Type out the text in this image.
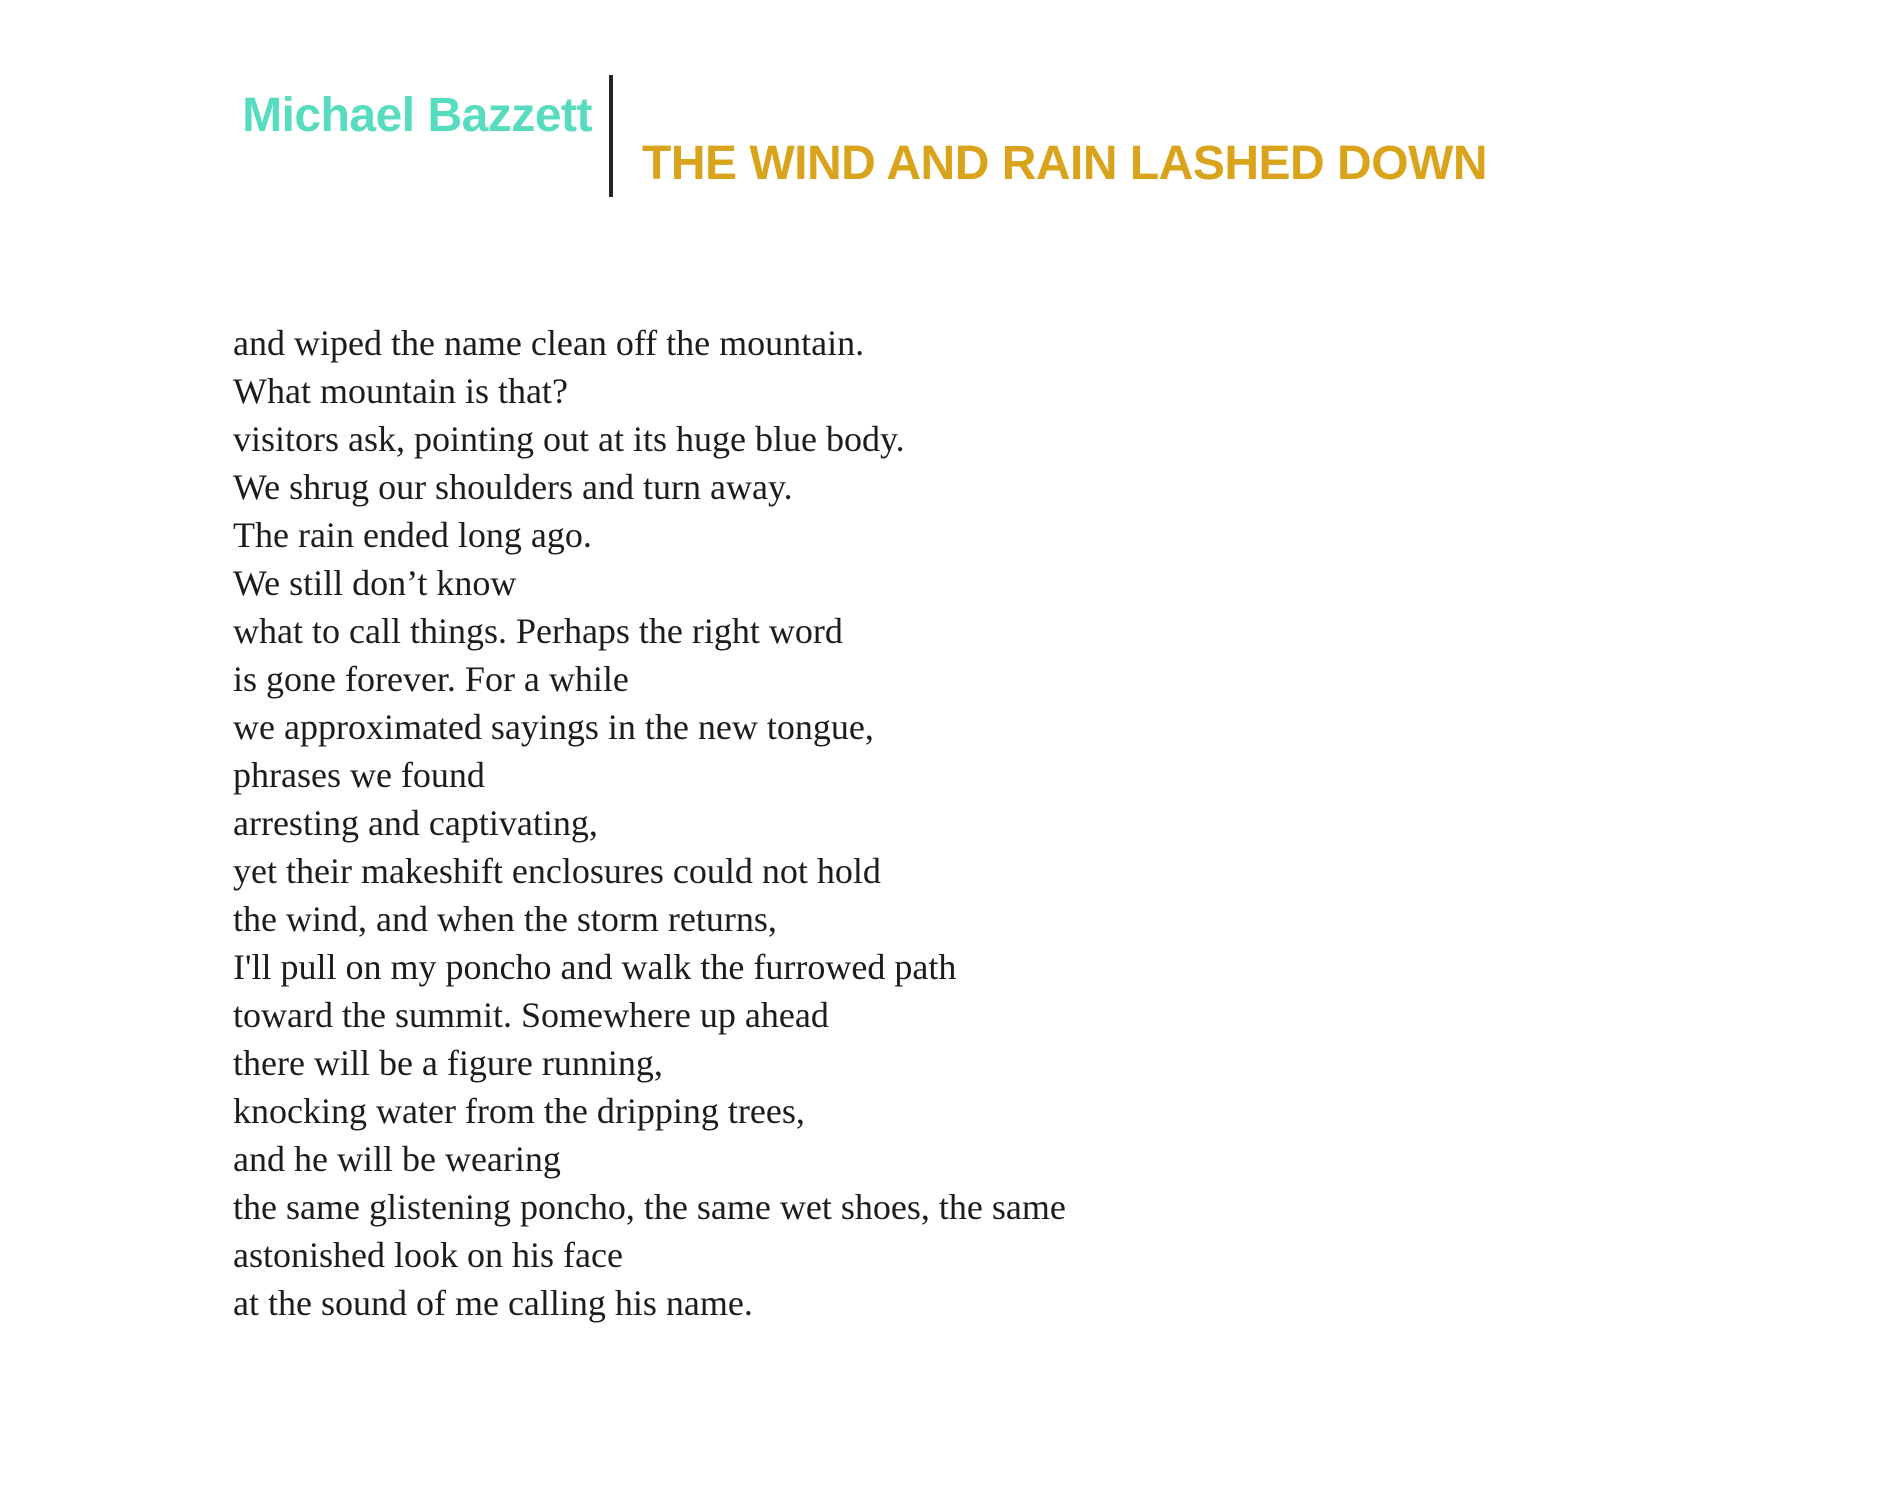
Michael Bazzett
THE WIND AND RAIN LASHED DOWN
and wiped the name clean off the mountain.
What mountain is that?
visitors ask, pointing out at its huge blue body.
We shrug our shoulders and turn away.
The rain ended long ago.
We still don’t know
what to call things. Perhaps the right word
is gone forever. For a while
we approximated sayings in the new tongue,
phrases we found
arresting and captivating,
yet their makeshift enclosures could not hold
the wind, and when the storm returns,
I'll pull on my poncho and walk the furrowed path
toward the summit. Somewhere up ahead
there will be a figure running,
knocking water from the dripping trees,
and he will be wearing
the same glistening poncho, the same wet shoes, the same
astonished look on his face
at the sound of me calling his name.
